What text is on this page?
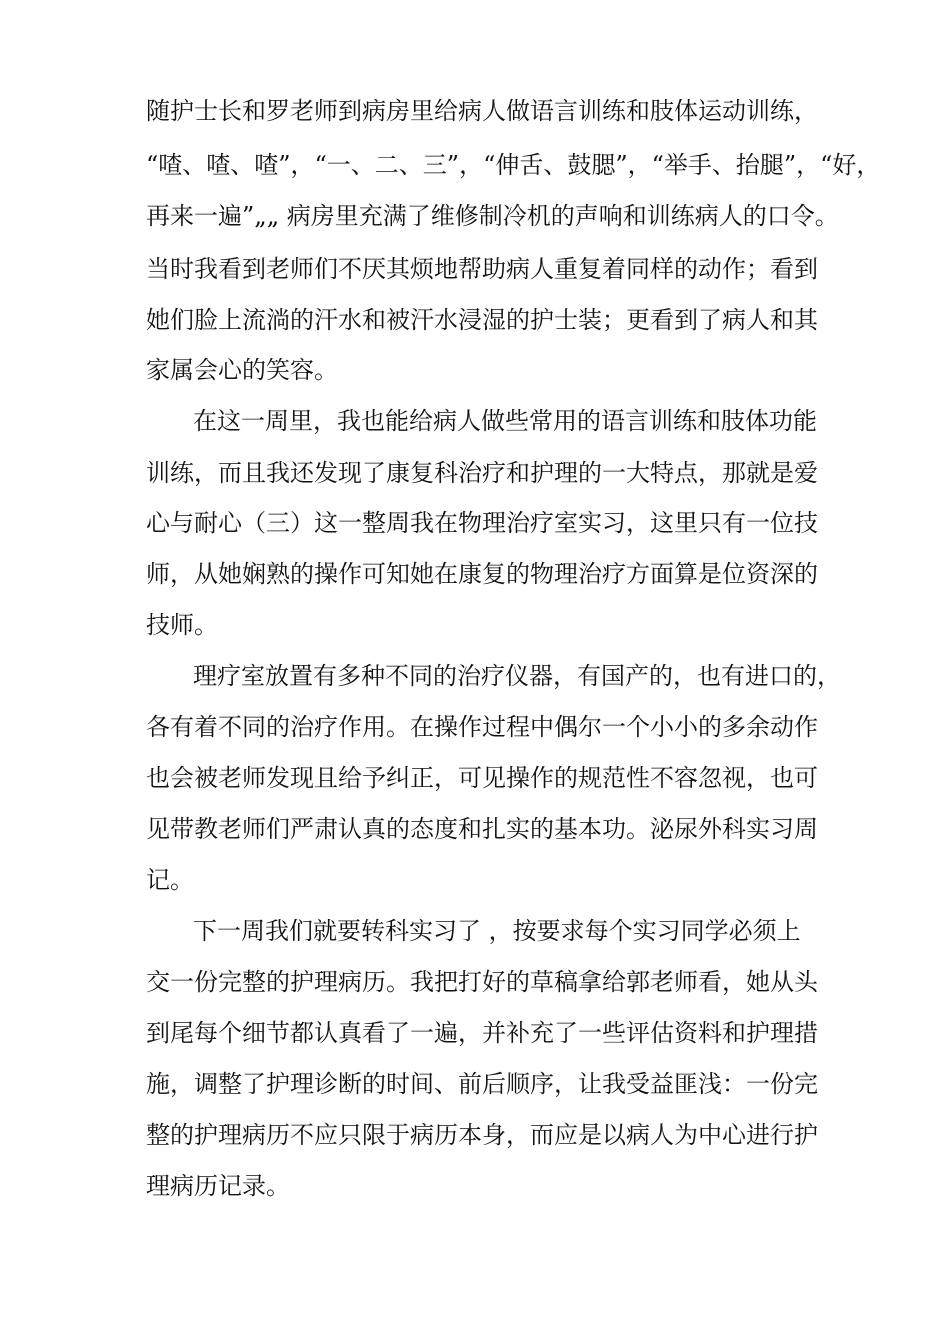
随护士长和罗老师到病房里给病人做语言训练和肢体运动训练，

“喳、喳、喳”，“一、二、三”，“伸舌、鼓腮”，“举手、抬腿”，“好，

再来一遍”„„ 病房里充满了维修制冷机的声响和训练病人的口令。

当时我看到老师们不厌其烦地帮助病人重复着同样的动作；看到

她们脸上流淌的汗水和被汗水浸湿的护士装；更看到了病人和其

家属会心的笑容。

在这一周里，我也能给病人做些常用的语言训练和肢体功能

训练，而且我还发现了康复科治疗和护理的一大特点，那就是爱

心与耐心（三）这一整周我在物理治疗室实习，这里只有一位技

师，从她娴熟的操作可知她在康复的物理治疗方面算是位资深的

技师。

理疗室放置有多种不同的治疗仪器，有国产的，也有进口的，

各有着不同的治疗作用。在操作过程中偶尔一个小小的多余动作

也会被老师发现且给予纠正，可见操作的规范性不容忽视，也可

见带教老师们严肃认真的态度和扎实的基本功。泌尿外科实习周

记。

下一周我们就要转科实习了 ，按要求每个实习同学必须上

交一份完整的护理病历。我把打好的草稿拿给郭老师看，她从头

到尾每个细节都认真看了一遍，并补充了一些评估资料和护理措

施，调整了护理诊断的时间、前后顺序，让我受益匪浅：一份完

整的护理病历不应只限于病历本身，而应是以病人为中心进行护

理病历记录。
